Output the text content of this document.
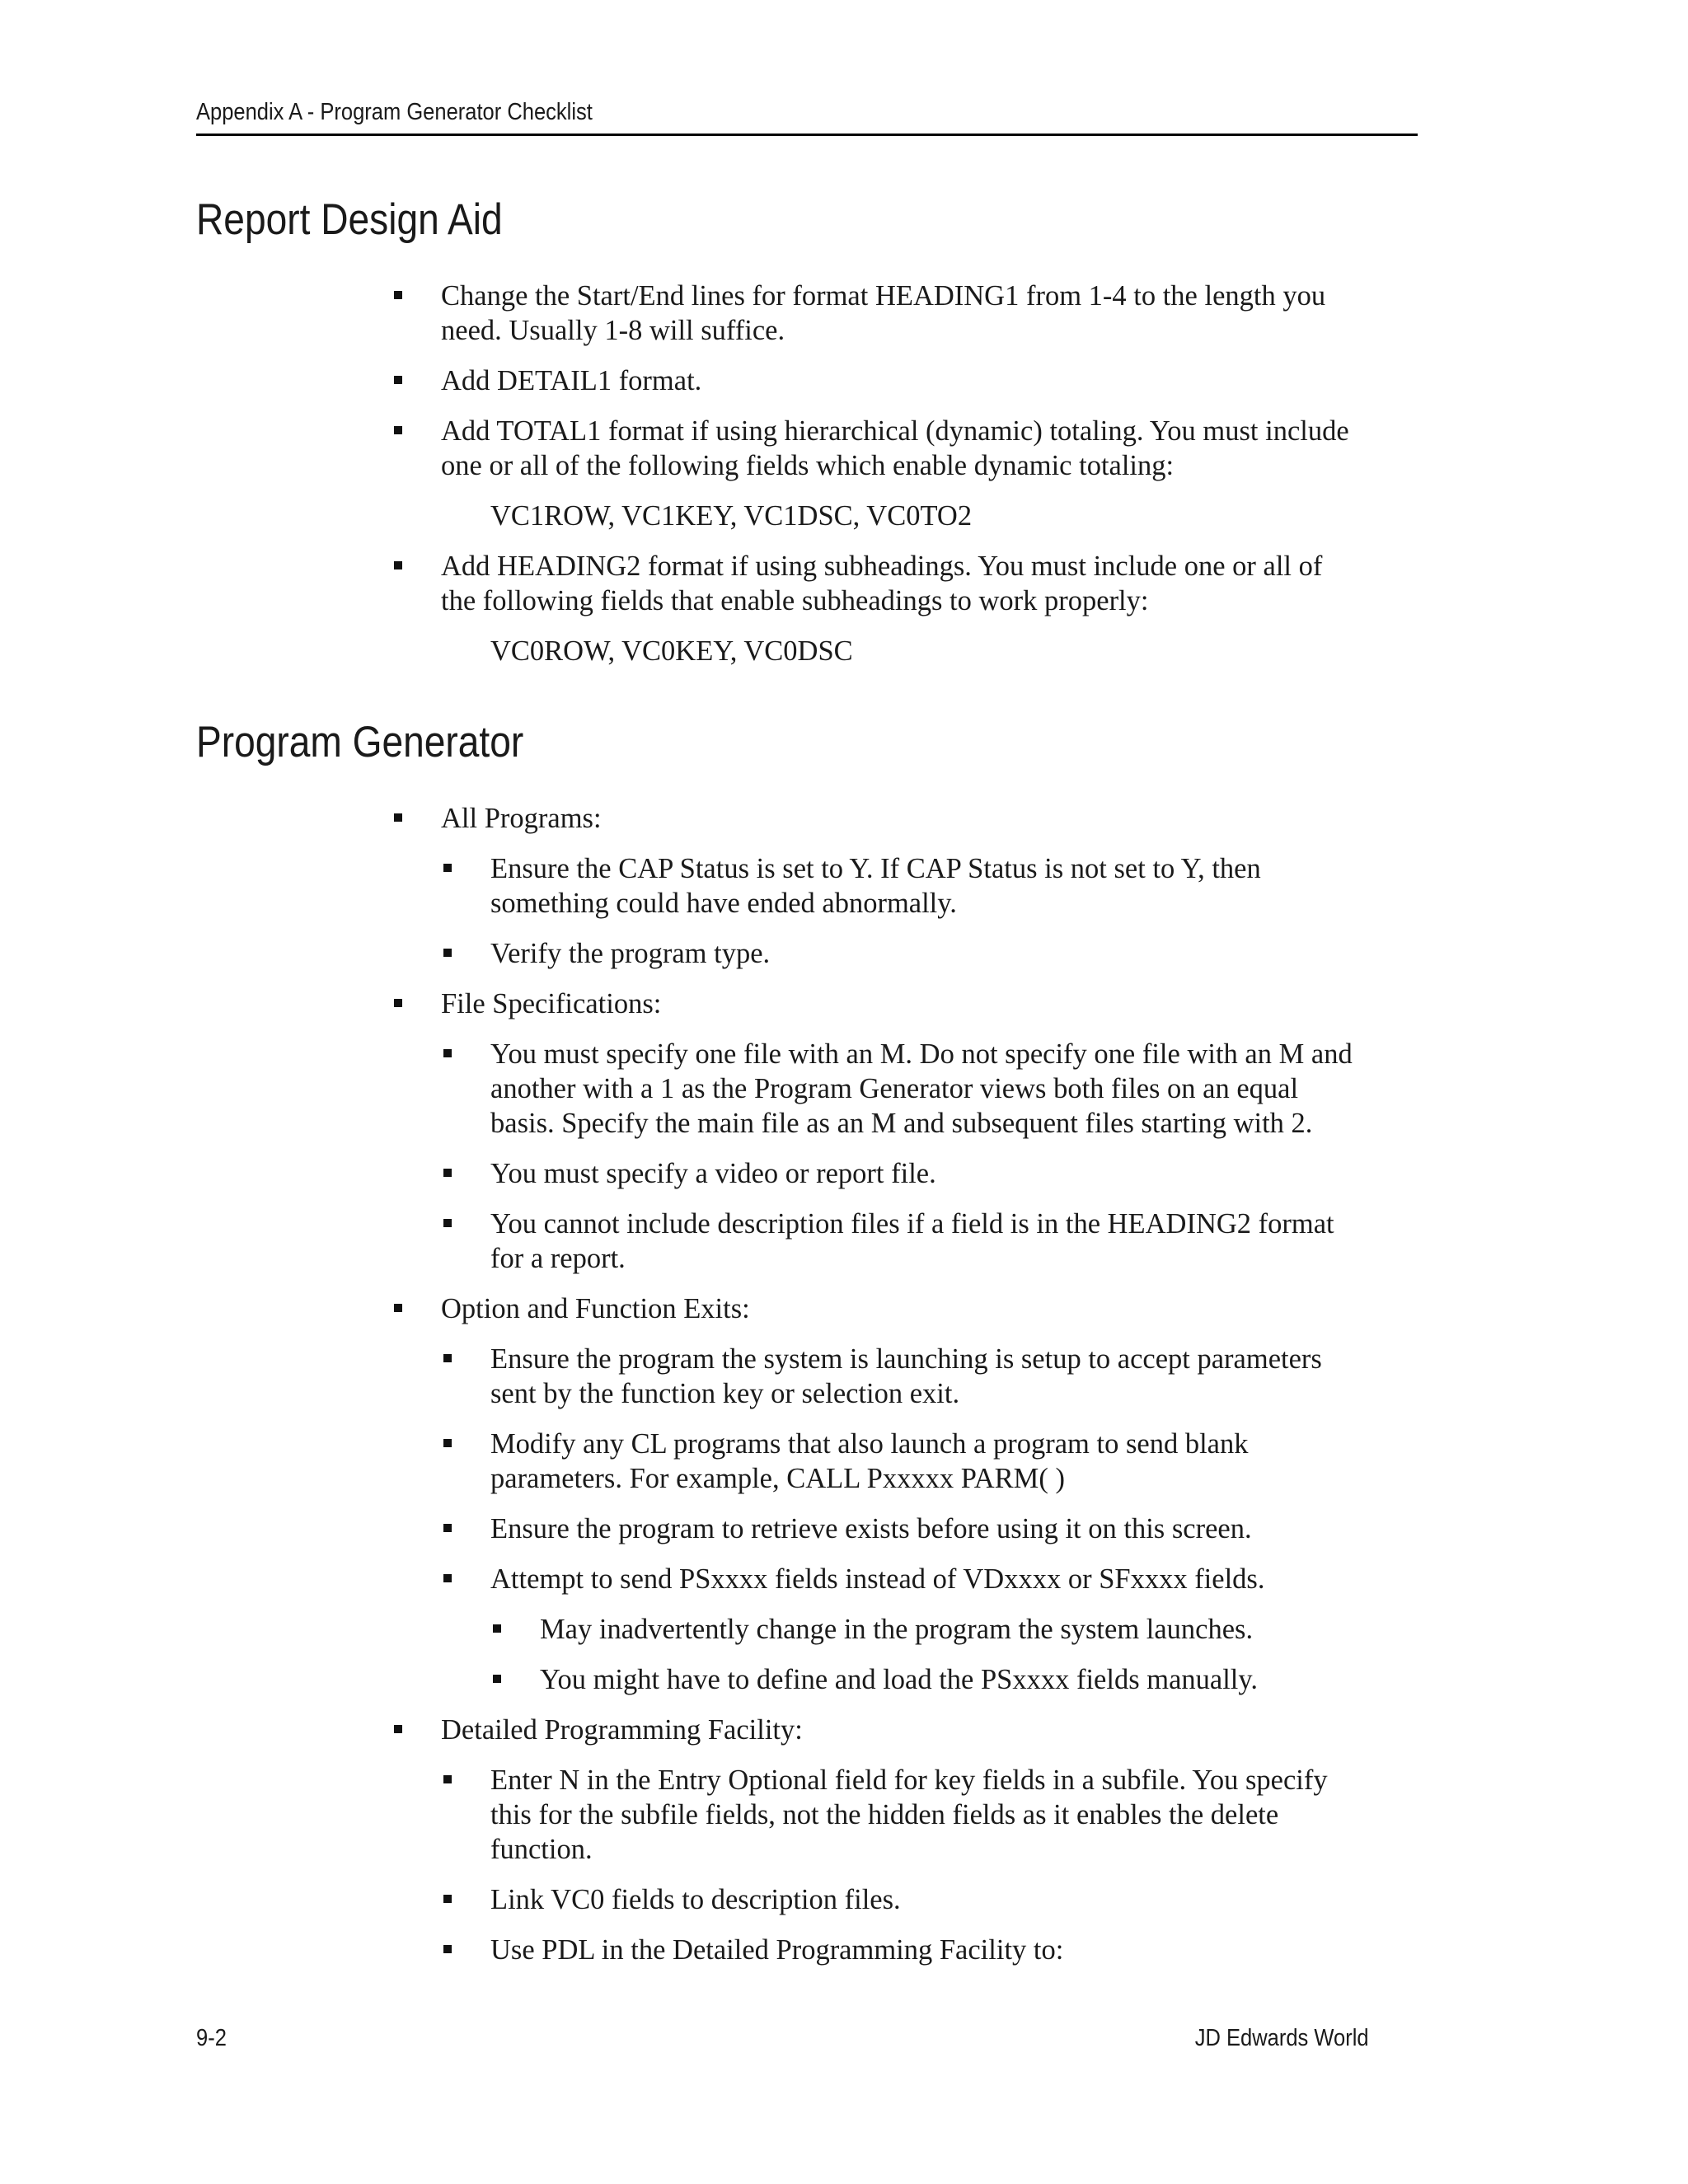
Appendix A - Program Generator Checklist
Report Design Aid
Change the Start/End lines for format HEADING1 from 1-4 to the length you
need. Usually 1-8 will suffice.
Add DETAIL1 format.
Add TOTAL1 format if using hierarchical (dynamic) totaling. You must include
one or all of the following fields which enable dynamic totaling:
VC1ROW, VC1KEY, VC1DSC, VC0TO2
Add HEADING2 format if using subheadings. You must include one or all of
the following fields that enable subheadings to work properly:
VC0ROW, VC0KEY, VC0DSC
Program Generator
All Programs:
Ensure the CAP Status is set to Y. If CAP Status is not set to Y, then
something could have ended abnormally.
Verify the program type.
File Specifications:
You must specify one file with an M. Do not specify one file with an M and
another with a 1 as the Program Generator views both files on an equal
basis. Specify the main file as an M and subsequent files starting with 2.
You must specify a video or report file.
You cannot include description files if a field is in the HEADING2 format
for a report.
Option and Function Exits:
Ensure the program the system is launching is setup to accept parameters
sent by the function key or selection exit.
Modify any CL programs that also launch a program to send blank
parameters. For example, CALL Pxxxxx PARM( )
Ensure the program to retrieve exists before using it on this screen.
Attempt to send PSxxxx fields instead of VDxxxx or SFxxxx fields.
May inadvertently change in the program the system launches.
You might have to define and load the PSxxxx fields manually.
Detailed Programming Facility:
Enter N in the Entry Optional field for key fields in a subfile. You specify
this for the subfile fields, not the hidden fields as it enables the delete
function.
Link VC0 fields to description files.
Use PDL in the Detailed Programming Facility to:
9-2	JD Edwards World
